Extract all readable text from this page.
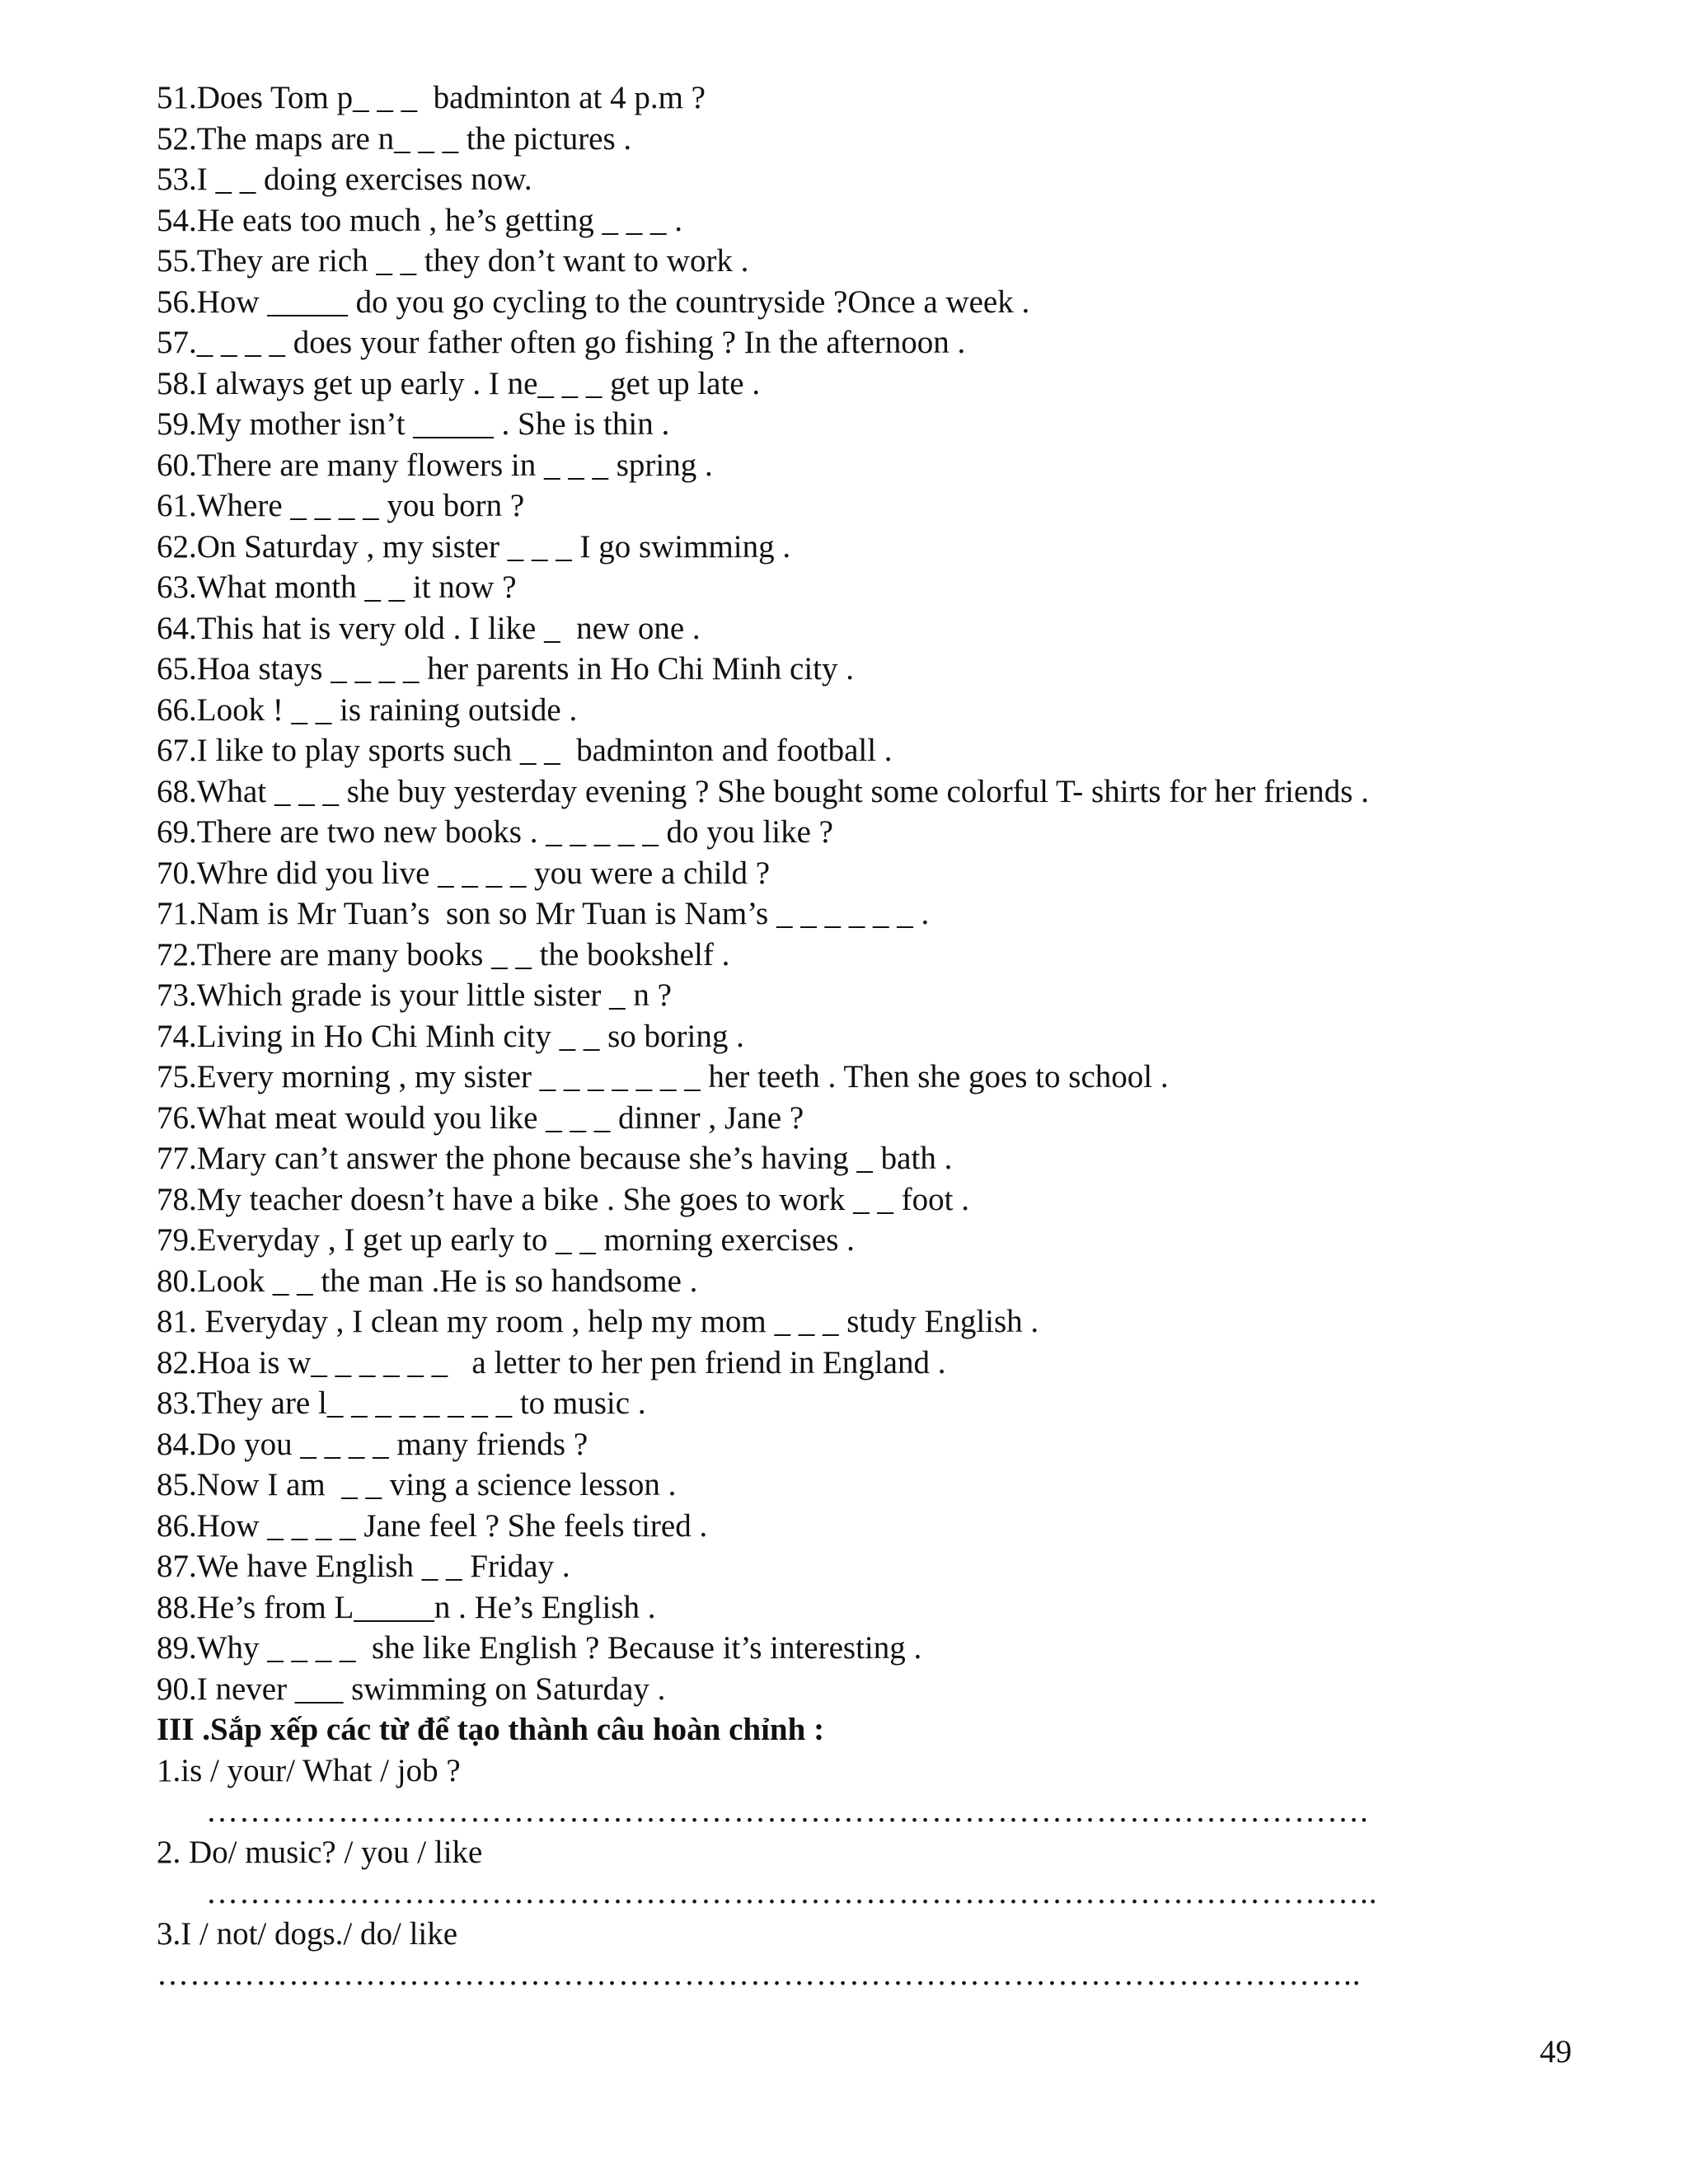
51.Does Tom p_ _ _  badminton at 4 p.m ?
52.The maps are n_ _ _ the pictures .
53.I _ _ doing exercises now.
54.He eats too much , he’s getting _ _ _ .
55.They are rich _ _ they don’t want to work .
56.How _____ do you go cycling to the countryside ?Once a week .
57._ _ _ _ does your father often go fishing ? In the afternoon .
58.I always get up early . I ne_ _ _ get up late .
59.My mother isn’t _____ . She is thin .
60.There are many flowers in _ _ _ spring .
61.Where _ _ _ _ you born ?
62.On Saturday , my sister _ _ _ I go swimming .
63.What month _ _ it now ?
64.This hat is very old . I like _  new one .
65.Hoa stays _ _ _ _ her parents in Ho Chi Minh city .
66.Look ! _ _ is raining outside .
67.I like to play sports such _ _  badminton and football .
68.What _ _ _ she buy yesterday evening ? She bought some colorful T- shirts for her friends .
69.There are two new books . _ _ _ _ _ do you like ?
70.Whre did you live _ _ _ _ you were a child ?
71.Nam is Mr Tuan’s  son so Mr Tuan is Nam’s _ _ _ _ _ _ .
72.There are many books _ _ the bookshelf .
73.Which grade is your little sister _ n ?
74.Living in Ho Chi Minh city _ _ so boring .
75.Every morning , my sister _ _ _ _ _ _ _ her teeth . Then she goes to school .
76.What meat would you like _ _ _ dinner , Jane ?
77.Mary can’t answer the phone because she’s having _ bath .
78.My teacher doesn’t have a bike . She goes to work _ _ foot .
79.Everyday , I get up early to _ _ morning exercises .
80.Look _ _ the man .He is so handsome .
81. Everyday , I clean my room , help my mom _ _ _ study English .
82.Hoa is w_ _ _ _ _ _   a letter to her pen friend in England .
83.They are l_ _ _ _ _ _ _ _ to music .
84.Do you _ _ _ _ many friends ?
85.Now I am  _ _ ving a science lesson .
86.How _ _ _ _ Jane feel ? She feels tired .
87.We have English _ _ Friday .
88.He’s from L_____n . He’s English .
89.Why _ _ _ _  she like English ? Because it’s interesting .
90.I never ___ swimming on Saturday .
III .Sắp xếp các từ để tạo thành câu hoàn chỉnh :
1.is / your/ What / job ?
…………………………………………………………………………………………….
2. Do/ music? / you / like
……………………………………………………………………………………………..
3.I / not/ dogs./ do/ like
………………………………………………………………………………………………..
49
